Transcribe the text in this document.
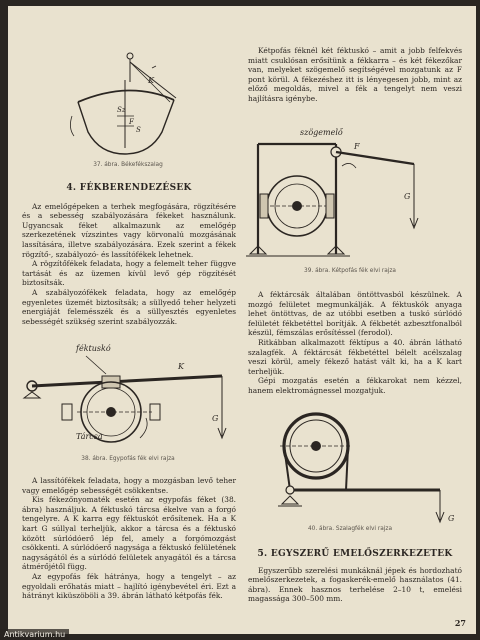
Sz
F
S
K
37. ábra. Békefékszalag

4. FÉKBERENDEZÉSEK

Az emelőgépeken a terhek megfogására, rögzítésére és a sebesség szabályozására fékeket használunk. Ugyancsak féket alkalmazunk az emelőgép szerkezetének vízszintes vagy körvonalú mozgásának lassítására, illetve szabályozására. Ezek szerint a fékek rögzítő-, szabályozó- és lassítófékek lehetnek.

A rögzítőfékek feladata, hogy a felemelt teher függve tartását és az üzemen kívül levő gép rögzítését biztosítsák.

A szabályozófékek feladata, hogy az emelőgép egyenletes üzemét biztosítsák; a süllyedő teher helyzeti energiáját felemésszék és a süllyesztés egyenletes sebességét szükség szerint szabályozzák.

féktuskó
K
G
Tárcsa
38. ábra. Egypofás fék elvi rajza

A lassítófékek feladata, hogy a mozgásban levő teher vagy emelőgép sebességét csökkentse.

Kis fékezőnyomaték esetén az egypofás féket (38. ábra) használjuk. A féktuskó tárcsa ékelve van a forgó tengelyre. A K karra egy féktuskót erősítenek. Ha a K kart G súllyal terheljük, akkor a tárcsa és a féktuskó között súrlódóerő lép fel, amely a forgómozgást csökkenti. A súrlódóerő nagysága a féktuskó felületének nagyságától és a súrlódó felületek anyagától és a tárcsa átmérőjétől függ.

Az egypofás fék hátránya, hogy a tengelyt – az egyoldali erőhatás miatt – hajlító igénybevétel éri. Ezt a hátrányt kiküszöböli a 39. ábrán látható kétpofás fék.

Kétpofás féknél két féktuskó – amit a jobb felfekvés miatt csuklósan erősítünk a fékkarra – és két fékezőkar van, melyeket szögemelő segítségével mozgatunk az F pont körül. A fékezéshez itt is lényegesen jobb, mint az előző megoldás, mivel a fék a tengelyt nem veszi hajlításra igénybe.

szögemelő
F
G
39. ábra. Kétpofás fék elvi rajza

A féktárcsák általában öntöttvasból készülnek. A mozgó felületet megmunkálják. A féktuskók anyaga lehet öntöttvas, de az utóbbi esetben a tuskó súrlódó felületét fékbetéttel borítják. A fékbetét azbesztfonalból készül, fémszálas erősítéssel (ferodol).

Ritkábban alkalmazott féktípus a 40. ábrán látható szalagfék. A féktárcsát fékbetéttel bélelt acélszalag veszi körül, amely fékező hatást vált ki, ha a K kart terheljük.

Gépi mozgatás esetén a fékkarokat nem kézzel, hanem elektromágnessel mozgatjuk.

G
40. ábra. Szalagfék elvi rajza

5. EGYSZERŰ EMELŐSZERKEZETEK

Egyszerűbb szerelési munkáknál jépek és hordozható emelőszerkezetek, a fogaskerék-emelő használatos (41. ábra). Ennek hasznos terhelése 2–10 t, emelési magassága 300–500 mm.

27
Antikvarium.hu
